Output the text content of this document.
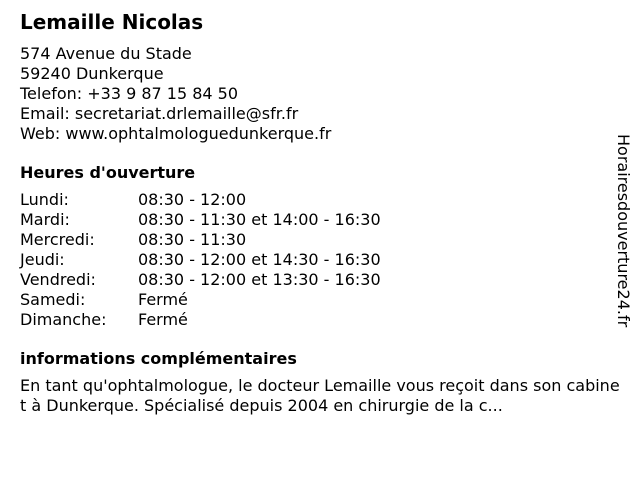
Lemaille Nicolas
574 Avenue du Stade
59240 Dunkerque
Telefon: +33 9 87 15 84 50
Email: secretariat.drlemaille@sfr.fr
Web: www.ophtalmologuedunkerque.fr
Heures d'ouverture
Lundi:	08:30 - 12:00
Mardi:	08:30 - 11:30 et 14:00 - 16:30
Mercredi:	08:30 - 11:30
Jeudi:	08:30 - 12:00 et 14:30 - 16:30
Vendredi:	08:30 - 12:00 et 13:30 - 16:30
Samedi:	Fermé
Dimanche:	Fermé
informations complémentaires
En tant qu'ophtalmologue, le docteur Lemaille vous reçoit dans son cabinet à Dunkerque. Spécialisé depuis 2004 en chirurgie de la c...
Horairesdouverture24.fr
